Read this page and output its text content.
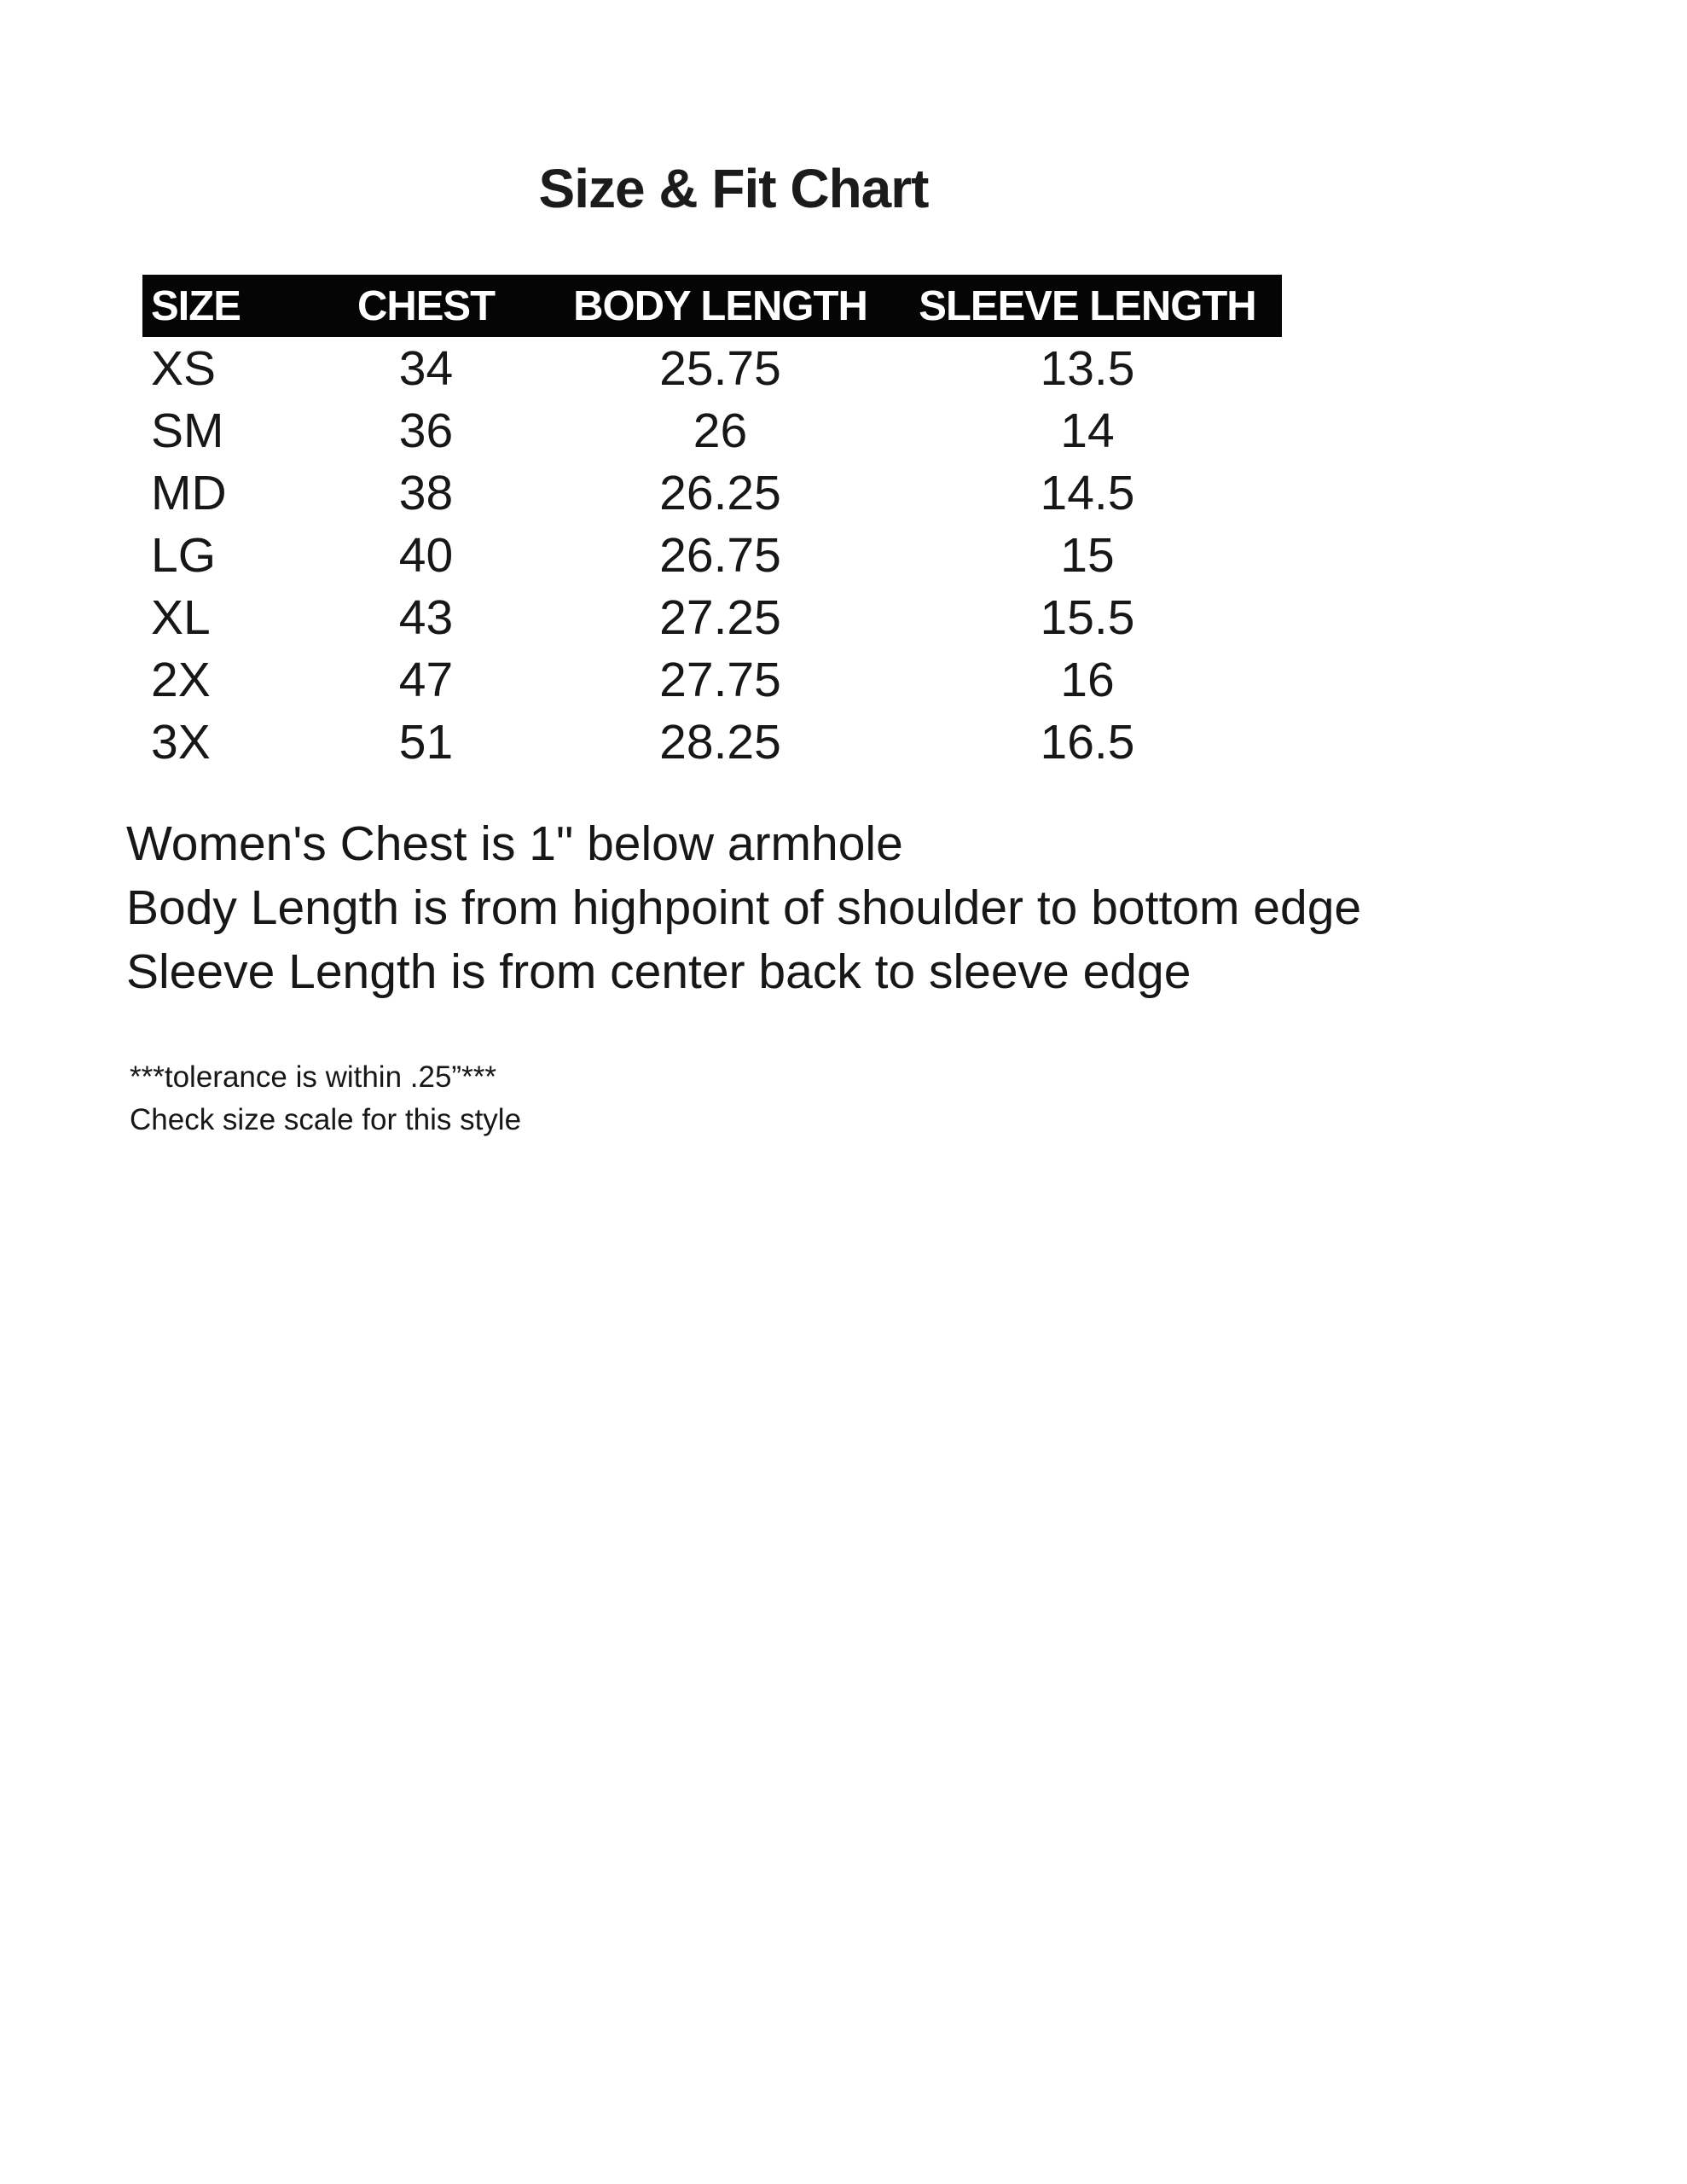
Size & Fit Chart
SIZE	CHEST	BODY LENGTH	SLEEVE LENGTH
XS	34	25.75	13.5
SM	36	26	14
MD	38	26.25	14.5
LG	40	26.75	15
XL	43	27.25	15.5
2X	47	27.75	16
3X	51	28.25	16.5

Women's Chest is 1" below armhole

Body Length is from highpoint of shoulder to bottom edge

Sleeve Length is from center back to sleeve edge

***tolerance is within .25”***

Check size scale for this style
